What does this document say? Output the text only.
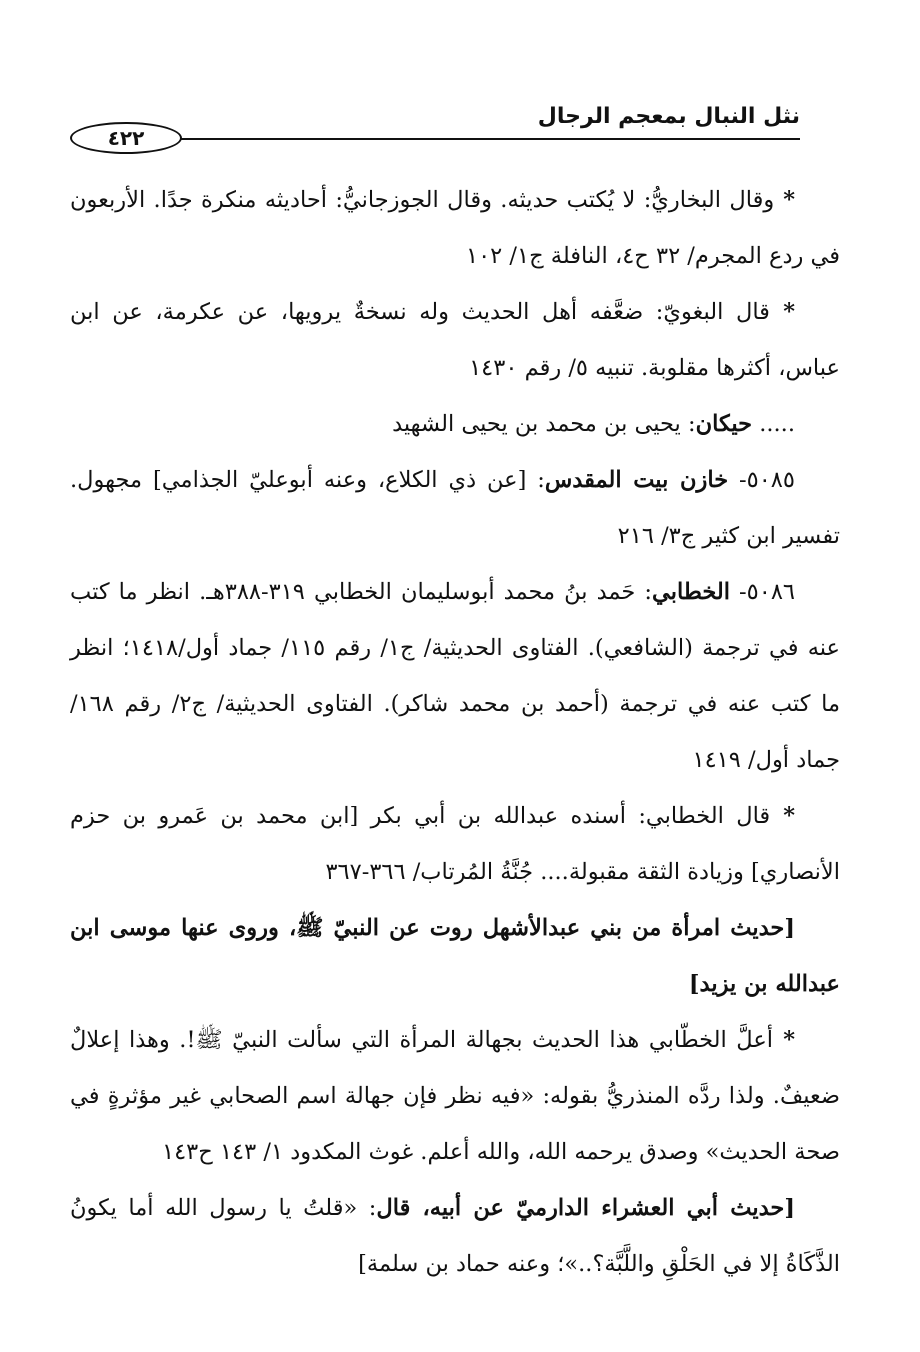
نثل النبال بمعجم الرجال
٤٢٢

* وقال البخاريُّ: لا يُكتب حديثه. وقال الجوزجانيُّ: أحاديثه منكرة جدًا. الأربعون في ردع المجرم/ ٣٢ ح٤، النافلة ج١/ ١٠٢

* قال البغويّ: ضعَّفه أهل الحديث وله نسخةٌ يرويها، عن عكرمة، عن ابن عباس، أكثرها مقلوبة. تنبيه ٥/ رقم ١٤٣٠

..... حيكان: يحيى بن محمد بن يحيى الشهيد

٥٠٨٥- خازن بيت المقدس: [عن ذي الكلاع، وعنه أبوعليّ الجذامي] مجهول. تفسير ابن كثير ج٣/ ٢١٦

٥٠٨٦- الخطابي: حَمد بنُ محمد أبوسليمان الخطابي ٣١٩-٣٨٨هـ. انظر ما كتب عنه في ترجمة (الشافعي). الفتاوى الحديثية/ ج١/ رقم ١١٥/ جماد أول/١٤١٨؛ انظر ما كتب عنه في ترجمة (أحمد بن محمد شاكر). الفتاوى الحديثية/ ج٢/ رقم ١٦٨/ جماد أول/ ١٤١٩

* قال الخطابي: أسنده عبدالله بن أبي بكر [ابن محمد بن عَمرو بن حزم الأنصاري] وزيادة الثقة مقبولة.... جُنَّةُ المُرتاب/ ٣٦٦-٣٦٧

[حديث امرأة من بني عبدالأشهل روت عن النبيّ ﷺ، وروى عنها موسى ابن عبدالله بن يزيد]

* أعلَّ الخطّابي هذا الحديث بجهالة المرأة التي سألت النبيّ ﷺ!. وهذا إعلالٌ ضعيفٌ. ولذا ردَّه المنذريُّ بقوله: «فيه نظر فإن جهالة اسم الصحابي غير مؤثرةٍ في صحة الحديث» وصدق يرحمه الله، والله أعلم. غوث المكدود ١/ ١٤٣ ح١٤٣

[حديث أبي العشراء الدارميّ عن أبيه، قال: «قلتُ يا رسول الله أما يكونُ الذَّكَاةُ إلا في الحَلْقِ واللَّبَّة؟..»؛ وعنه حماد بن سلمة]
